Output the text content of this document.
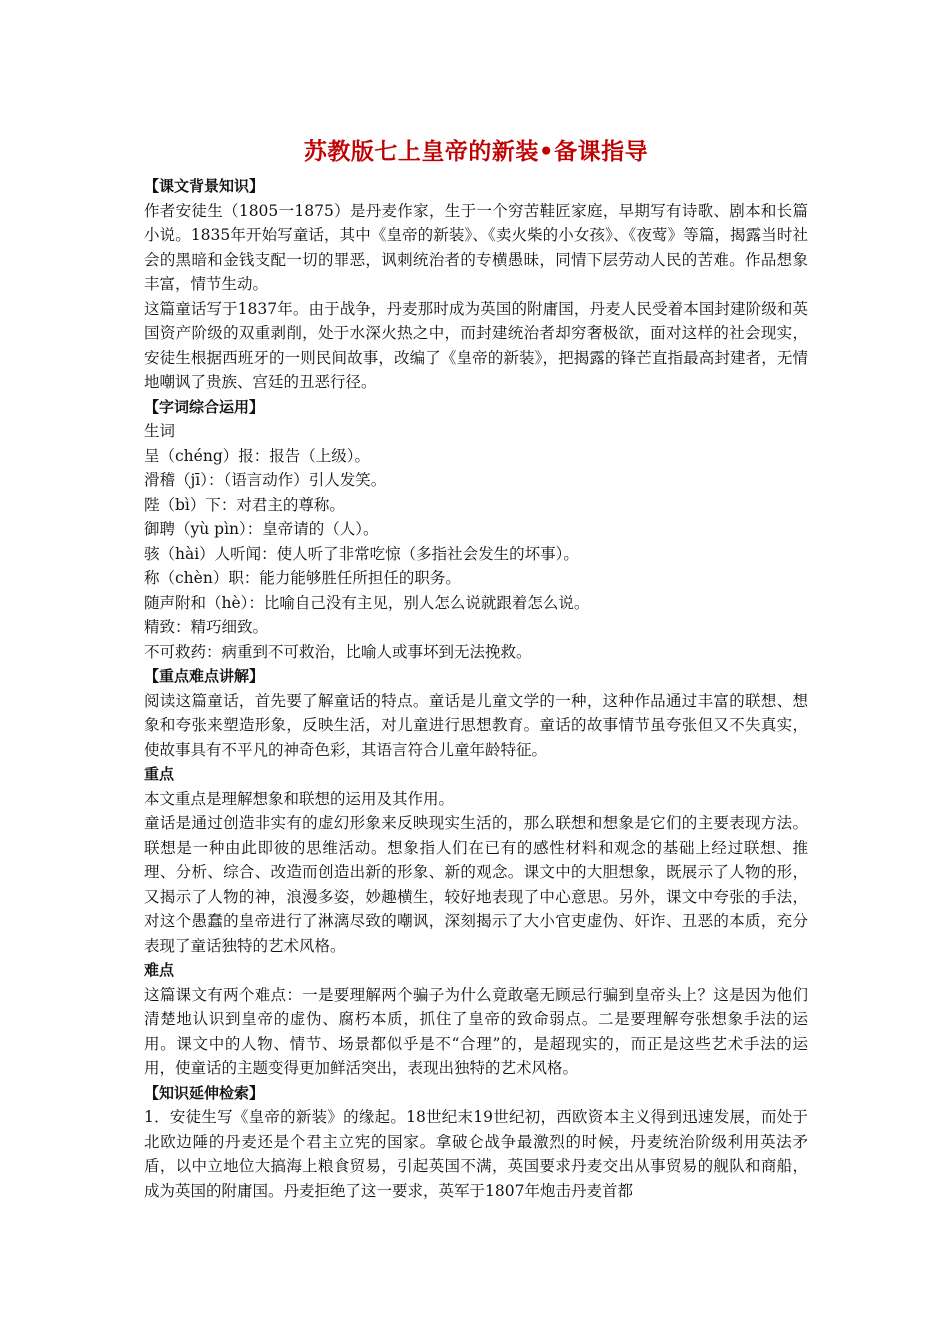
苏教版七上皇帝的新装•备课指导
【课文背景知识】

作者安徒生（1805一1875）是丹麦作家，生于一个穷苦鞋匠家庭，早期写有诗歌、剧本和长篇小说。1835年开始写童话，其中《皇帝的新装》、《卖火柴的小女孩》、《夜莺》等篇，揭露当时社会的黑暗和金钱支配一切的罪恶，讽刺统治者的专横愚昧，同情下层劳动人民的苦难。作品想象丰富，情节生动。

这篇童话写于1837年。由于战争，丹麦那时成为英国的附庸国，丹麦人民受着本国封建阶级和英国资产阶级的双重剥削，处于水深火热之中，而封建统治者却穷奢极欲，面对这样的社会现实，安徒生根据西班牙的一则民间故事，改编了《皇帝的新装》，把揭露的锋芒直指最高封建者，无情地嘲讽了贵族、宫廷的丑恶行径。

【字词综合运用】

生词

呈（chéng）报：报告（上级）。

滑稽（jī）：（语言动作）引人发笑。

陛（bì）下：对君主的尊称。

御聘（yù pìn）：皇帝请的（人）。

骇（hài）人听闻：使人听了非常吃惊（多指社会发生的坏事）。

称（chèn）职：能力能够胜任所担任的职务。

随声附和（hè）：比喻自己没有主见，别人怎么说就跟着怎么说。

精致：精巧细致。

不可救药：病重到不可救治，比喻人或事坏到无法挽救。

【重点难点讲解】

阅读这篇童话，首先要了解童话的特点。童话是儿童文学的一种，这种作品通过丰富的联想、想象和夸张来塑造形象，反映生活，对儿童进行思想教育。童话的故事情节虽夸张但又不失真实，使故事具有不平凡的神奇色彩，其语言符合儿童年龄特征。

重点

本文重点是理解想象和联想的运用及其作用。

童话是通过创造非实有的虚幻形象来反映现实生活的，那么联想和想象是它们的主要表现方法。联想是一种由此即彼的思维活动。想象指人们在已有的感性材料和观念的基础上经过联想、推理、分析、综合、改造而创造出新的形象、新的观念。课文中的大胆想象，既展示了人物的形，又揭示了人物的神，浪漫多姿，妙趣横生，较好地表现了中心意思。另外，课文中夸张的手法，对这个愚蠢的皇帝进行了淋漓尽致的嘲讽，深刻揭示了大小官吏虚伪、奸诈、丑恶的本质，充分表现了童话独特的艺术风格。

难点

这篇课文有两个难点：一是要理解两个骗子为什么竟敢毫无顾忌行骗到皇帝头上？这是因为他们清楚地认识到皇帝的虚伪、腐朽本质，抓住了皇帝的致命弱点。二是要理解夸张想象手法的运用。课文中的人物、情节、场景都似乎是不“合理”的，是超现实的，而正是这些艺术手法的运用，使童话的主题变得更加鲜活突出，表现出独特的艺术风格。

【知识延伸检索】

1．安徒生写《皇帝的新装》的缘起。18世纪末19世纪初，西欧资本主义得到迅速发展，而处于北欧边陲的丹麦还是个君主立宪的国家。拿破仑战争最激烈的时候，丹麦统治阶级利用英法矛盾，以中立地位大搞海上粮食贸易，引起英国不满，英国要求丹麦交出从事贸易的舰队和商船，成为英国的附庸国。丹麦拒绝了这一要求，英军于1807年炮击丹麦首都
